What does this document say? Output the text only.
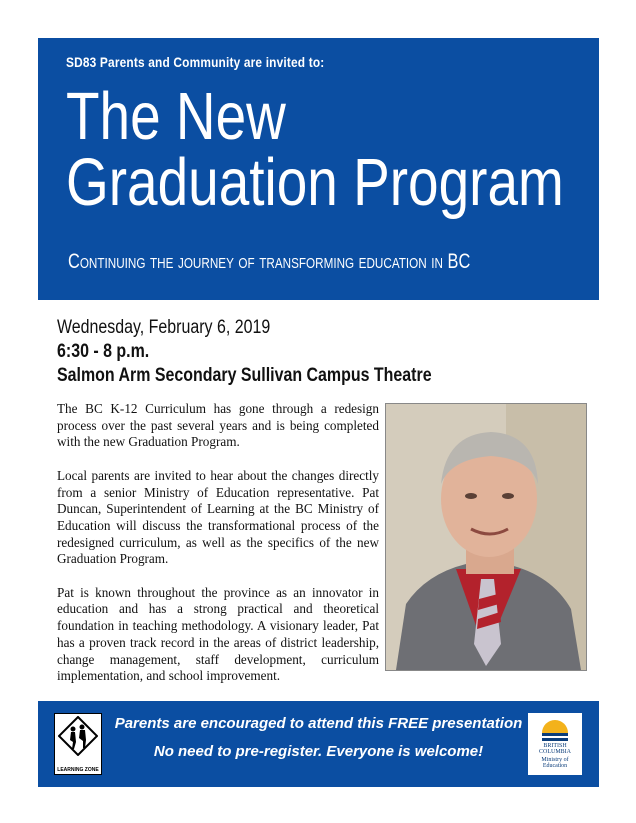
SD83 Parents and Community are invited to:
The New
Graduation Program
Continuing the journey of transforming education in BC
Wednesday, February 6, 2019
6:30 - 8 p.m.
Salmon Arm Secondary Sullivan Campus Theatre

The BC K-12 Curriculum has gone through a redesign process over the past several years and is being completed with the new Graduation Program.

Local parents are invited to hear about the changes directly from a senior Ministry of Education representative. Pat Duncan, Superintendent of Learning at the BC Ministry of Education will discuss the transformational process of the redesigned curriculum, as well as the specifics of the new Graduation Program.

Pat is known throughout the province as an innovator in education and has a strong practical and theoretical foundation in teaching methodology. A visionary leader, Pat has a proven track record in the areas of district leadership, change management, staff development, curriculum implementation, and school improvement.

LEARNING ZONE
Parents are encouraged to attend this FREE presentation
No need to pre-register. Everyone is welcome!	BRITISH
COLUMBIA
Ministry of
Education
